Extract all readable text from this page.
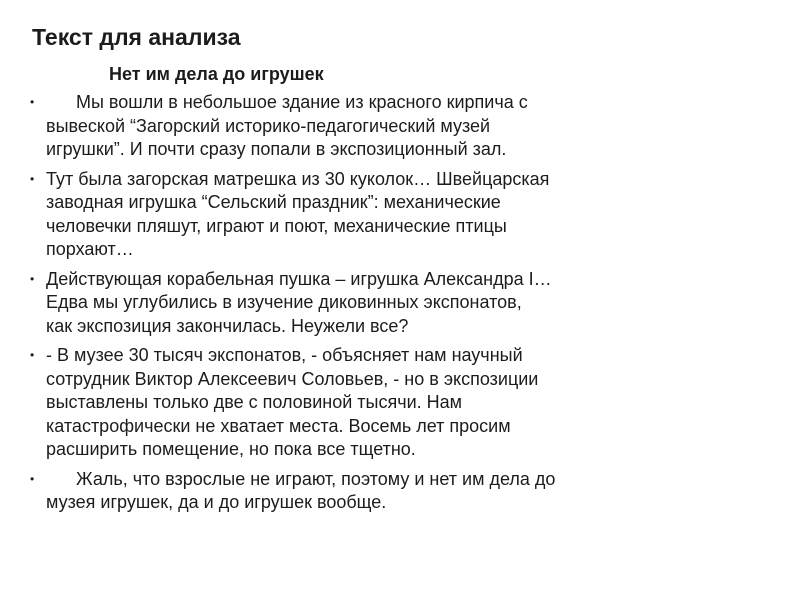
Текст для анализа
Нет им дела до игрушек
•	Мы вошли в небольшое здание из красного кирпича с
вывеской “Загорский историко-педагогический музей
игрушки”. И почти сразу попали в экспозиционный зал.
• Тут была загорская матрешка из 30 куколок… Швейцарская
заводная игрушка “Сельский праздник”: механические
человечки пляшут, играют и поют, механические птицы
порхают…
• Действующая корабельная пушка – игрушка Александра I…
Едва мы углубились в изучение диковинных экспонатов,
как экспозиция закончилась. Неужели все?
• - В музее 30 тысяч экспонатов, - объясняет нам научный
сотрудник Виктор Алексеевич Соловьев, - но в экспозиции
выставлены только две с половиной тысячи. Нам
катастрофически не хватает места. Восемь лет просим
расширить помещение, но пока все тщетно.
•	Жаль, что взрослые не играют, поэтому и нет им дела до
музея игрушек, да и до игрушек вообще.
